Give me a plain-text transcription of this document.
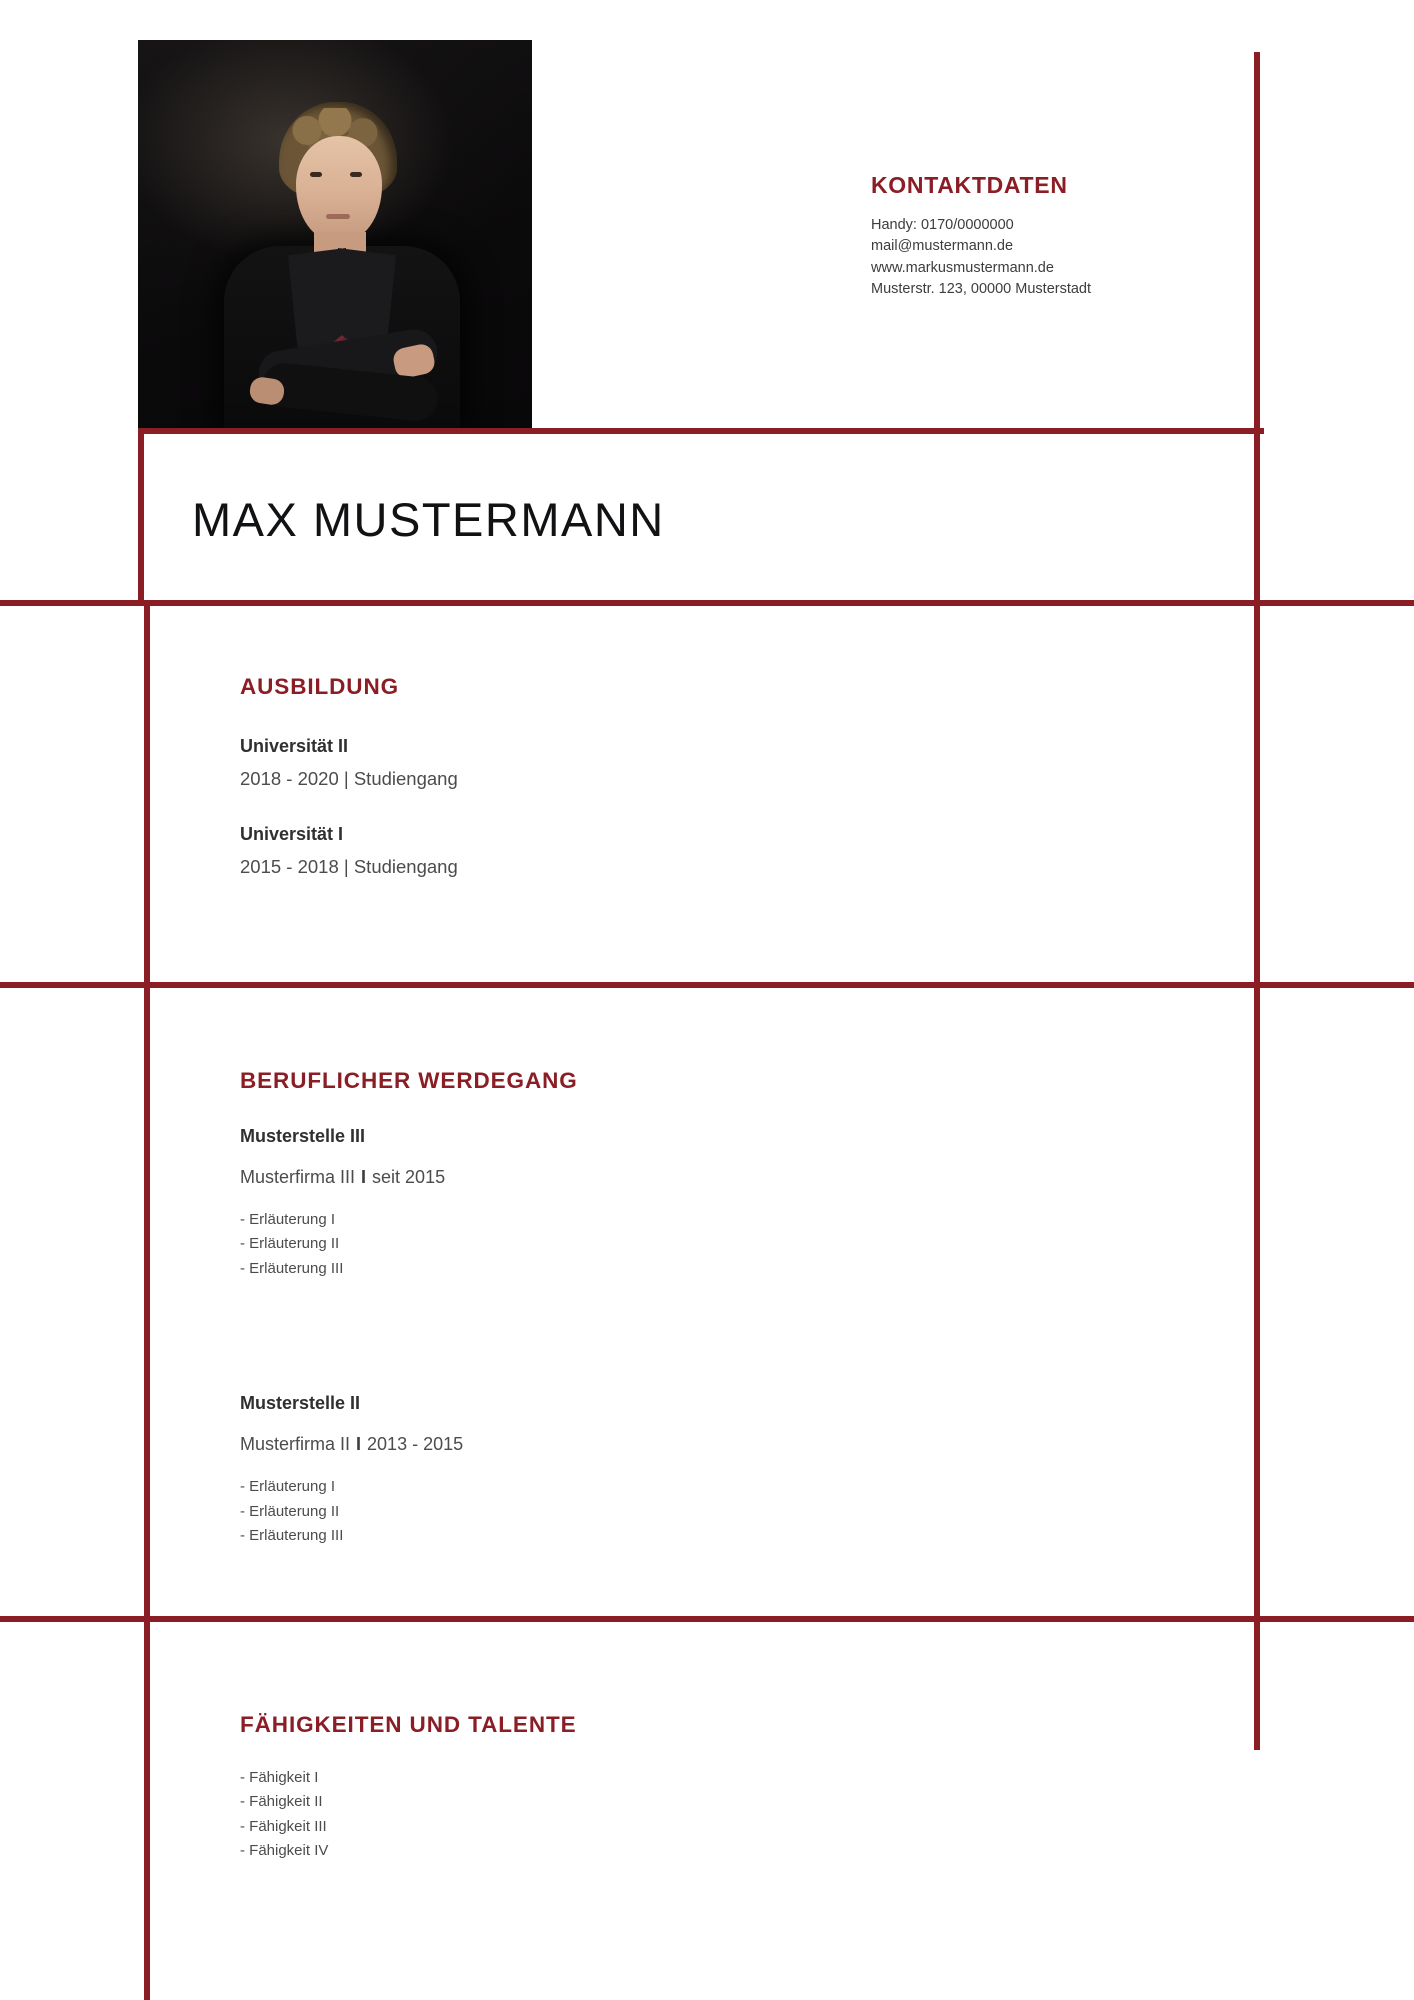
KONTAKTDATEN
Handy: 0170/0000000
mail@mustermann.de
www.markusmustermann.de
Musterstr. 123, 00000 Musterstadt
MAX MUSTERMANN
AUSBILDUNG
Universität II
2018 - 2020 | Studiengang
Universität I
2015 - 2018 | Studiengang
BERUFLICHER WERDEGANG
Musterstelle III
Musterfirma III I seit 2015
- Erläuterung I
- Erläuterung II
- Erläuterung III
Musterstelle II
Musterfirma II I 2013 - 2015
- Erläuterung I
- Erläuterung II
- Erläuterung III
FÄHIGKEITEN UND TALENTE
- Fähigkeit I
- Fähigkeit II
- Fähigkeit III
- Fähigkeit IV
